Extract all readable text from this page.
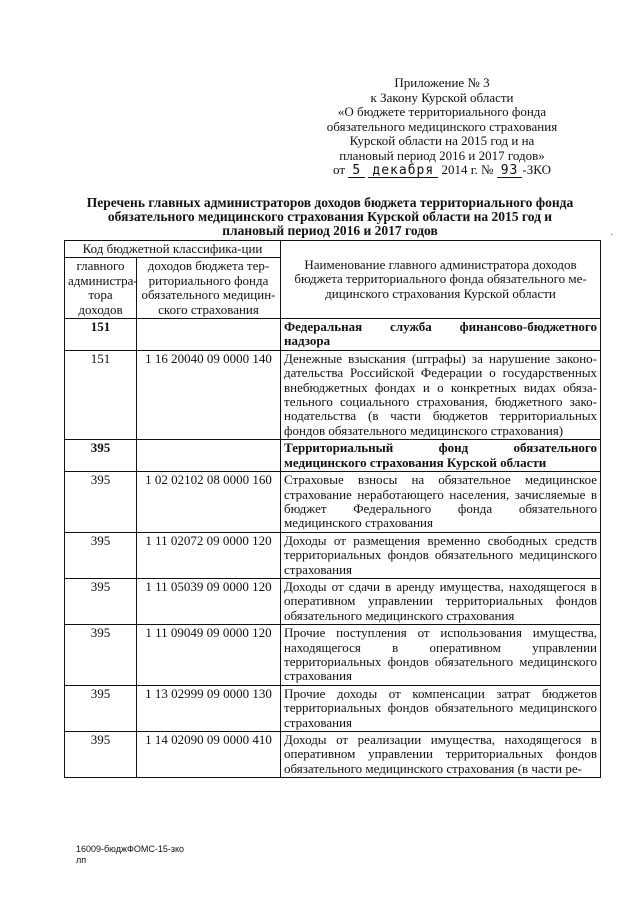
Приложение № 3
к Закону Курской области
«О бюджете территориального фонда
обязательного медицинского страхования
Курской области на 2015 год и на
плановый период 2016 и 2017 годов»
от 5 декабря 2014 г. № 93 -ЗКО
Перечень главных администраторов доходов бюджета территориального фонда
обязательного медицинского страхования Курской области на 2015 год и
плановый период 2016 и 2017 годов	·
Код бюджетной классифика-ции		Наименование главного администратора доходов бюджета территориального фонда обязательного ме-дицинского страхования Курской области
главного администра-тора доходов	доходов бюджета тер-риториального фонда обязательного медицин-ского страхования	
151		Федеральная служба финансово-бюджетного надзора
151	1 16 20040 09 0000 140	Денежные взыскания (штрафы) за нарушение законо-дательства Российской Федерации о государственных внебюджетных фондах и о конкретных видах обяза-тельного социального страхования, бюджетного зако-нодательства (в части бюджетов территориальных фондов обязательного медицинского страхования)
395		Территориальный фонд обязательного медицинского страхования Курской области
395	1 02 02102 08 0000 160	Страховые взносы на обязательное медицинское страхование неработающего населения, зачисляемые в бюджет Федерального фонда обязательного медицинского страхования
395	1 11 02072 09 0000 120	Доходы от размещения временно свободных средств территориальных фондов обязательного медицинского страхования
395	1 11 05039 09 0000 120	Доходы от сдачи в аренду имущества, находящегося в оперативном управлении территориальных фондов обязательного медицинского страхования
395	1 11 09049 09 0000 120	Прочие поступления от использования имущества, находящегося в оперативном управлении территориальных фондов обязательного медицинского страхования
395	1 13 02999 09 0000 130	Прочие доходы от компенсации затрат бюджетов территориальных фондов обязательного медицинского страхования
395	1 14 02090 09 0000 410	Доходы от реализации имущества, находящегося в оперативном управлении территориальных фондов обязательного медицинского страхования (в части ре-
16009-бюджФОМС-15-зко
лп
